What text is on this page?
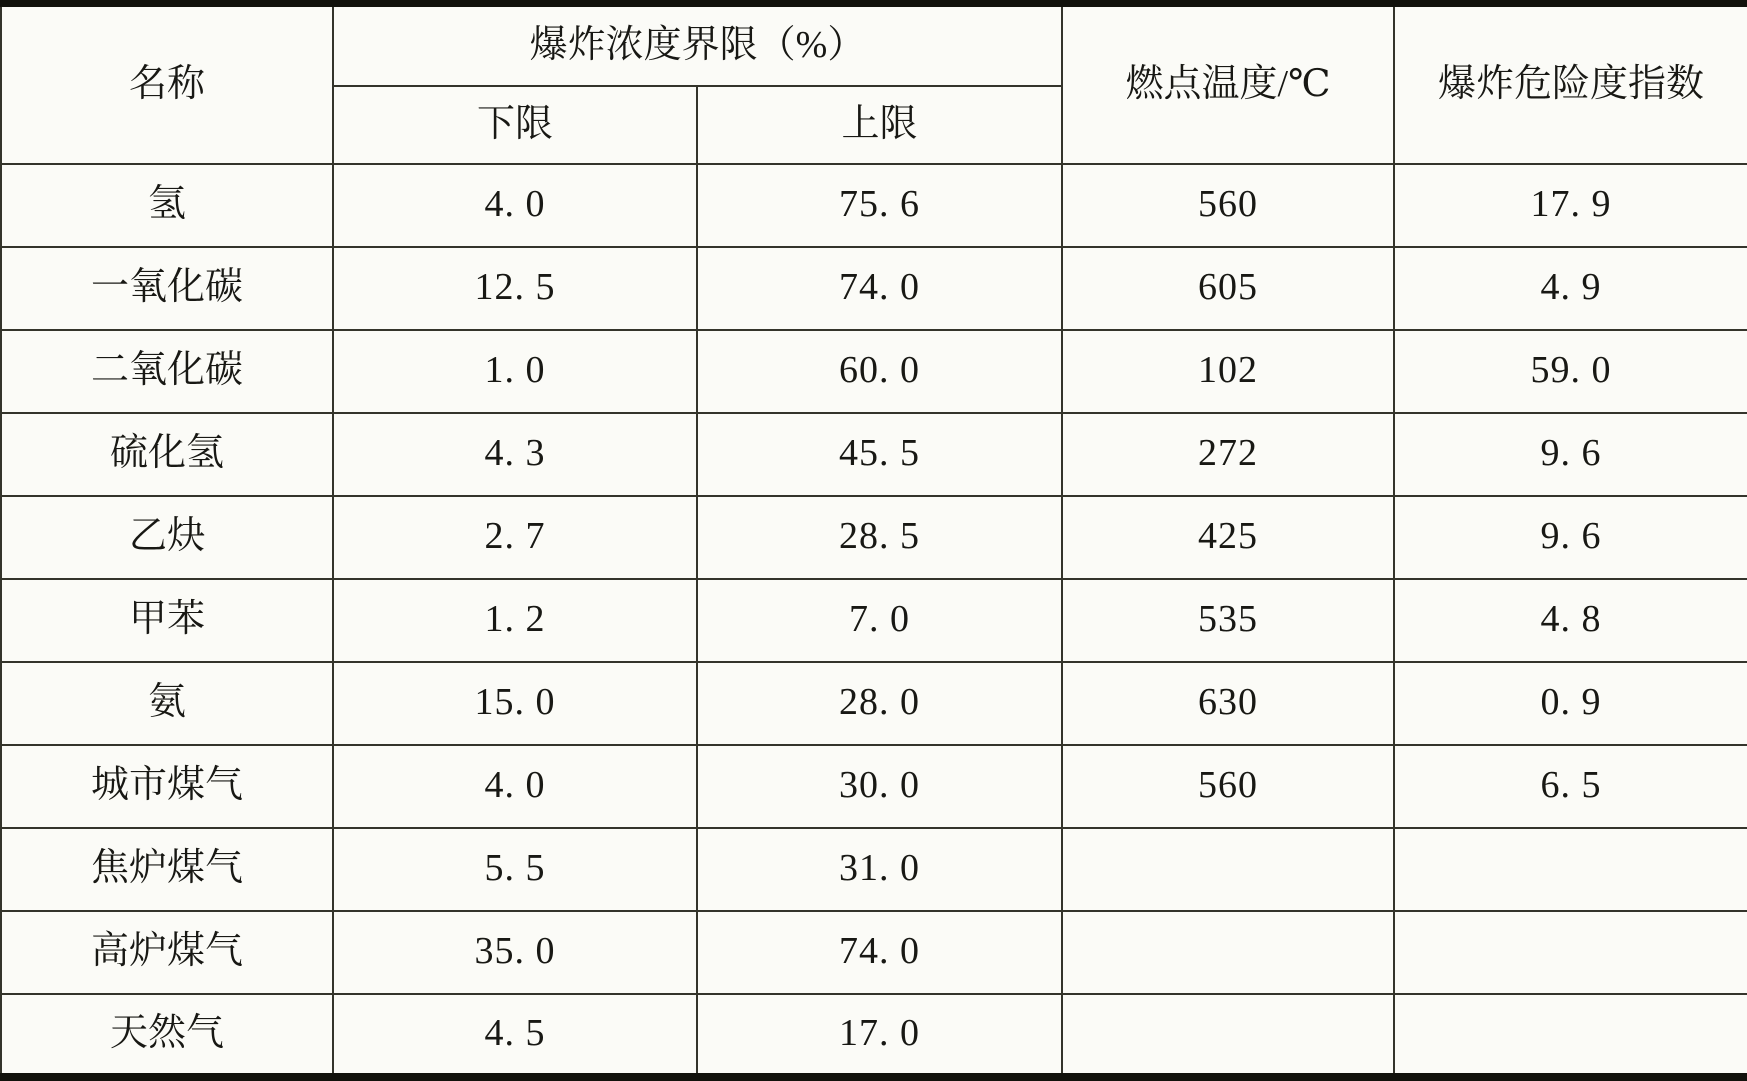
名称	爆炸浓度界限（%）		燃点温度/℃	爆炸危险度指数
	下限	上限		
氢	4. 0	75. 6	560	17. 9
一氧化碳	12. 5	74. 0	605	4. 9
二氧化碳	1. 0	60. 0	102	59. 0
硫化氢	4. 3	45. 5	272	9. 6
乙炔	2. 7	28. 5	425	9. 6
甲苯	1. 2	7. 0	535	4. 8
氨	15. 0	28. 0	630	0. 9
城市煤气	4. 0	30. 0	560	6. 5
焦炉煤气	5. 5	31. 0		
高炉煤气	35. 0	74. 0		
天然气	4. 5	17. 0		
